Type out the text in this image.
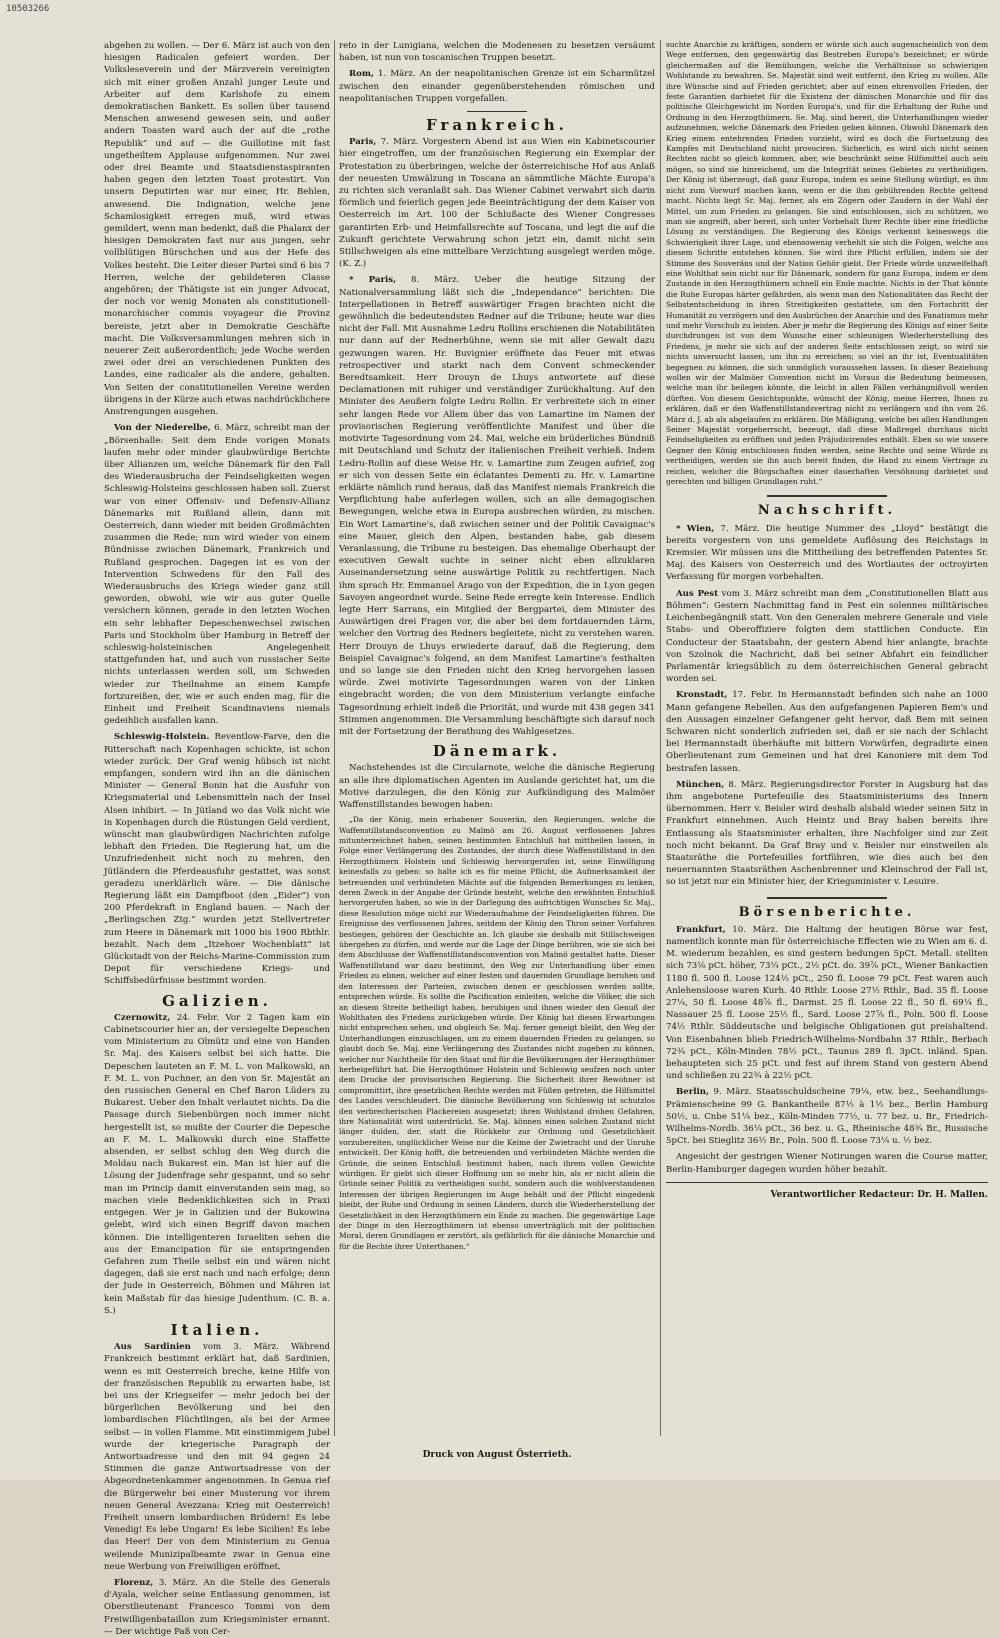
10503266

abgehen zu wollen. — Der 6. März ist auch von den hiesigen Radicalen gefeiert worden. Der Volksleseverein und der Märzverein vereinigten sich mit einer großen Anzahl junger Leute und Arbeiter auf dem Karlshofe zu einem demokratischen Bankett. Es sollen über tausend Menschen anwesend gewesen sein, und außer andern Toasten ward auch der auf die „rothe Republik“ und auf — die Guillotine mit fast ungetheiltem Applause aufgenommen. Nur zwei oder drei Beamte und Staatsdienstaspiranten haben gegen den letzten Toast protestirt. Von unsern Deputirten war nur einer, Hr. Behlen, anwesend. Die Indignation, welche jene Schamlosigkeit erregen muß, wird etwas gemildert, wenn man bedenkt, daß die Phalanx der hiesigen Demokraten fast nur aus jungen, sehr vollblütigen Bürschchen und aus der Hefe des Volkes besteht. Die Leiter dieser Partei sind 6 bis 7 Herren, welche der gebildeteren Classe angehören; der Thätigste ist ein junger Advocat, der noch vor wenig Monaten als constitutionell-monarchischer commis voyageur die Provinz bereiste, jetzt aber in Demokratie Geschäfte macht. Die Volksversammlungen mehren sich in neuerer Zeit außerordentlich; jede Woche werden zwei oder drei an verschiedenen Punkten des Landes, eine radicaler als die andere, gehalten. Von Seiten der constitutionellen Vereine werden übrigens in der Kürze auch etwas nachdrücklichere Anstrengungen ausgehen.

Von der Niederelbe, 6. März, schreibt man der „Börsenhalle: Seit dem Ende vorigen Monats laufen mehr oder minder glaubwürdige Berichte über Allianzen um, welche Dänemark für den Fall des Wiederausbruchs der Feindseligkeiten wegen Schleswig-Holsteins geschlossen haben soll. Zuerst war von einer Offensiv- und Defensiv-Allianz Dänemarks mit Rußland allein, dann mit Oesterreich, dann wieder mit beiden Großmächten zusammen die Rede; nun wird wieder von einem Bündnisse zwischen Dänemark, Frankreich und Rußland gesprochen. Dagegen ist es von der Intervention Schwedens für den Fall des Wiederausbruchs des Kriegs wieder ganz still geworden, obwohl, wie wir aus guter Quelle versichern können, gerade in den letzten Wochen ein sehr lebhafter Depeschenwechsel zwischen Paris und Stockholm über Hamburg in Betreff der schleswig-holsteinischen Angelegenheit stattgefunden hat, und auch von russischer Seite nichts unterlassen werden soll, um Schweden wieder zur Theilnahme an einem Kampfe fortzureißen, der, wie er auch enden mag, für die Einheit und Freiheit Scandinaviens niemals gedeihlich ausfallen kann.

Schleswig-Holstein. Reventlow-Farve, den die Ritterschaft nach Kopenhagen schickte, ist schon wieder zurück. Der Graf wenig hübsch ist nicht empfangen, sondern wird ihn an die dänischen Minister — General Bonin hat die Ausfuhr von Kriegsmaterial und Lebensmitteln nach der Insel Alsen inhibirt. — In Jütland wo das Volk nicht wie in Kopenhagen durch die Rüstungen Geld verdient, wünscht man glaubwürdigen Nachrichten zufolge lebhaft den Frieden. Die Regierung hat, um die Unzufriedenheit nicht noch zu mehren, den Jütländern die Pferdeausfuhr gestattet, was sonst geradezu unerklärlich wäre. — Die dänische Regierung läßt ein Dampfboot (den „Eider“) von 200 Pferdekraft in England bauen. — Nach der „Berlingschen Ztg.“ wurden jetzt Stellvertreter zum Heere in Dänemark mit 1000 bis 1900 Rbthlr. bezahlt. Nach dem „Itzehoer Wochenblatt“ ist Glückstadt von der Reichs-Marine-Commission zum Depot für verschiedene Kriegs- und Schiffsbedürfnisse bestimmt worden.

Galizien.

Czernowitz, 24. Febr. Vor 2 Tagen kam ein Cabinetscourier hier an, der versiegelte Depeschen vom Ministerium zu Olmütz und eine von Handen Sr. Maj. des Kaisers selbst bei sich hatte. Die Depeschen lauteten an F. M. L. von Malkowski, an F. M. L. von Puchner, an den von Sr. Majestät an den russischen General en Chef Baron Lüders zu Bukarest. Ueber den Inhalt verlautet nichts. Da die Passage durch Siebenbürgen noch immer nicht hergestellt ist, so mußte der Courier die Depesche an F. M. L. Malkowski durch eine Staffette absenden, er selbst schlug den Weg durch die Moldau nach Bukarest ein. Man ist hier auf die Lösung der Judenfrage sehr gespannt, und so sehr man im Princip damit einverstanden sein mag, so machen viele Bedenklichkeiten sich in Praxi entgegen. Wer je in Galizien und der Bukowina gelebt, wird sich einen Begriff davon machen können. Die intelligenteren Israeliten sehen die aus der Emancipation für sie entspringenden Gefahren zum Theile selbst ein und wären nicht dagegen, daß sie erst nach und nach erfolge; denn der Jude in Oesterreich, Böhmen und Mähren ist kein Maßstab für das hiesige Judenthum. (C. B. a. S.)

Italien.

Aus Sardinien vom 3. März. Während Frankreich bestimmt erklärt hat, daß Sardinien, wenn es mit Oesterreich breche, keine Hilfe von der französischen Republik zu erwarten habe, ist bei uns der Kriegseifer — mehr jedoch bei der bürgerlichen Bevölkerung und bei den lombardischen Flüchtlingen, als bei der Armee selbst — in vollen Flamme. Mit einstimmigem Jubel wurde der kriegerische Paragraph der Antwortsadresse und den mit 94 gegen 24 Stimmen die ganze Antwortsadresse von der Abgeordnetenkammer angenommen. In Genua rief die Bürgerwehr bei einer Musterung vor ihrem neuen General Avezzana: Krieg mit Oesterreich! Freiheit unsern lombardischen Brüdern! Es lebe Venedig! Es lebe Ungarn! Es lebe Sicilien! Es lebe das Heer! Der von dem Ministerium zu Genua weilende Munizipalbeamte zwar in Genua eine neue Werbung von Freiwilligen eröffnet.

Florenz, 3. März. An die Stelle des Generals d'Ayala, welcher seine Entlassung genommen, ist Oberstlieutenant Francesco Tommi von dem Freiwilligenbataillon zum Kriegsminister ernannt. — Der wichtige Paß von Cer-

reto in der Lunigiana, welchen die Modenesen zu besetzen versäumt haben, ist nun von toscanischen Truppen besetzt.

Rom, 1. März. An der neapolitanischen Grenze ist ein Scharmützel zwischen den einander gegenüberstehenden römischen und neapolitanischen Truppen vorgefallen.

Frankreich.

Paris, 7. März. Vorgestern Abend ist aus Wien ein Kabinetscourier hier eingetroffen, um der französischen Regierung ein Exemplar der Protestation zu überbringen, welche der österreichische Hof aus Anlaß der neuesten Umwälzung in Toscana an sämmtliche Mächte Europa's zu richten sich veranlaßt sah. Das Wiener Cabinet verwahrt sich darin förmlich und feierlich gegen jede Beeinträchtigung der dem Kaiser von Oesterreich im Art. 100 der Schlußacte des Wiener Congresses garantirten Erb- und Heimfallsrechte auf Toscana, und legt die auf die Zukunft gerichtete Verwahrung schon jetzt ein, damit nicht sein Stillschweigen als eine mittelbare Verzichtung ausgelegt werden möge. (K. Z.)

* Paris, 8. März. Ueber die heutige Sitzung der Nationalversammlung läßt sich die „Independance“ berichten: Die Interpellationen in Betreff auswärtiger Fragen brachten nicht die gewöhnlich die bedeutendsten Redner auf die Tribune; heute war dies nicht der Fall. Mit Ausnahme Ledru Rollins erschienen die Notabilitäten nur dann auf der Rednerbühne, wenn sie mit aller Gewalt dazu gezwungen waren. Hr. Buvignier eröffnete das Feuer mit etwas retrospectiver und starkt nach dem Convent schmeckender Beredtsamkeit. Herr Drouyn de Lhuys antwortete auf diese Declamationen mit ruhiger und verständiger Zurückhaltung. Auf den Minister des Aeußern folgte Ledru Rollin. Er verbreitete sich in einer sehr langen Rede vor Allem über das von Lamartine im Namen der provisorischen Regierung veröffentlichte Manifest und über die motivirte Tagesordnung vom 24. Mai, welche ein brüderliches Bündniß mit Deutschland und Schutz der italienischen Freiheit verhieß. Indem Ledru-Rollin auf diese Weise Hr. v. Lamartine zum Zeugen aufrief, zog er sich von dessen Seite ein éclatantes Dementi zu. Hr. v. Lamartine erklärte nämlich rund heraus, daß das Manifest niemals Frankreich die Verpflichtung habe auferlegen wollen, sich an alle demagogischen Bewegungen, welche etwa in Europa ausbrechen würden, zu mischen. Ein Wort Lamartine's, daß zwischen seiner und der Politik Cavaignac's eine Mauer, gleich den Alpen, bestanden habe, gab diesem Veranlassung, die Tribune zu besteigen. Das ehemalige Oberhaupt der executiven Gewalt suchte in seiner nicht eben allzuklaren Auseinandersetzung seine auswärtige Politik zu rechtfertigen. Nach ihm sprach Hr. Emmanuel Arago von der Expedition, die in Lyon gegen Savoyen angeordnet wurde. Seine Rede erregte kein Interesse. Endlich legte Herr Sarrans, ein Mitglied der Bergpartei, dem Minister des Auswärtigen drei Fragen vor, die aber bei dem fortdauernden Lärm, welcher den Vortrag des Redners begleitete, nicht zu verstehen waren. Herr Drouyn de Lhuys erwiederte darauf, daß die Regierung, dem Beispiel Cavaignac's folgend, an dem Manifest Lamartine's festhalten und so lange sie den Frieden nicht den Krieg hervorgehen lassen würde. Zwei motivirte Tagesordnungen waren von der Linken eingebracht worden; die von dem Ministerium verlangte einfache Tagesordnung erhielt indeß die Priorität, und wurde mit 438 gegen 341 Stimmen angenommen. Die Versammlung beschäftigte sich darauf noch mit der Fortsetzung der Berathung des Wahlgesetzes.

Dänemark.

Nachstehendes ist die Circularnote, welche die dänische Regierung an alle ihre diplomatischen Agenten im Auslande gerichtet hat, um die Motive darzulegen, die den König zur Aufkündigung des Malmöer Waffenstillstandes bewogen haben:

„Da der König, mein erhabener Souverän, den Regierungen, welche die Waffenstillstandsconvention zu Malmö am 26. August verflossenen Jahres mitunterzeichnet haben, seinen bestimmten Entschluß hat mittheilen lassen, in Folge einer Verlängerung des Zustandes, der durch diese Waffenstillstand in den Herzogthümern Holstein und Schleswig hervorgerufen ist, seine Einwilligung keinesfalls zu geben: so halte ich es für meine Pflicht, die Aufmerksamkeit der betreuenden und verbündeten Mächte auf die folgenden Bemerkungen zu lenken, deren Zweck in der Angabe der Gründe besteht, welche den erwähnten Entschluß hervorgerufen haben, so wie in der Darlegung des aufrichtigen Wunsches Sr. Maj., diese Resolution möge nicht zur Wiederaufnahme der Feindseligkeiten führen. Die Ereignisse des verflossenen Jahres, seitdem der König den Thron seiner Vorfahren bestiegen, gehören der Geschichte an. Ich glaube sie deshalb mit Stillschweigen übergehen zu dürfen, und werde nur die Lage der Dinge berühren, wie sie sich bei dem Abschlusse der Waffenstillstandsconvention von Malmö gestaltet hatte. Dieser Waffenstillstand war dazu bestimmt, den Weg zur Unterhandlung über einen Frieden zu ebnen, welcher auf einer festen und dauernden Grundlage beruhen und den Interessen der Parteien, zwischen denen er geschlossen werden sollte, entsprechen würde. Es sollte die Pacification einleiten, welche die Völker, die sich an diesem Streite betheiligt haben, beruhigen und ihnen wieder den Genuß der Wohlthaten des Friedens zurückgeben würde. Der König hat diesen Erwartungen nicht entsprechen sehen, und obgleich Se. Maj. ferner geneigt bleibt, den Weg der Unterhandlungen einzuschlagen, um zu einem dauernden Frieden zu gelangen, so glaubt doch Se. Maj. eine Verlängerung des Zustandes nicht zugeben zu können, welcher nur Nachtheile für den Staat und für die Bevölkerungen der Herzogthümer herbeigeführt hat. Die Herzogthümer Holstein und Schleswig seufzen noch unter dem Drucke der provisorischen Regierung. Die Sicherheit ihrer Bewohner ist compromittirt, ihre gesetzlichen Rechte werden mit Füßen getreten, die Hilfsmittel des Landes verschleudert. Die dänische Bevölkerung von Schleswig ist schutzlos den verbrecherischen Plackereien ausgesetzt; ihren Wohlstand drohen Gefahren, ihre Nationalität wird unterdrückt. Se. Maj. können einen solchen Zustand nicht länger dulden, der, statt die Rückkehr zur Ordnung und Gesetzlichkeit vorzubereiten, unglücklicher Weise nur die Keime der Zwietracht und der Unruhe entwickelt. Der König hofft, die betreuenden und verbündeten Mächte werden die Gründe, die seinen Entschluß bestimmt haben, nach ihrem vollen Gewichte würdigen. Er giebt sich dieser Hoffnung um so mehr hin, als er nicht allein die Gründe seiner Politik zu vertheidigen sucht, sondern auch die wohlverstandenen Interessen der übrigen Regierungen im Auge behält und der Pflicht eingedenk bleibt, der Ruhe und Ordnung in seinen Ländern, durch die Wiederherstellung der Gesetzlichkeit in den Herzogthümern ein Ende zu machen. Die gegenwärtige Lage der Dinge in den Herzogthümern ist ebenso unverträglich mit der politischen Moral, deren Grundlagen er zerstört, als gefährlich für die dänische Monarchie und für die Rechte ihrer Unterthanen.“

suchte Anarchie zu kräftigen, sondern er würde sich auch augenscheinlich von dem Wege entfernen, den gegenwärtig das Bestreben Europa's bezeichnet; er würde gleichermaßen auf die Bemühungen, welche die Verhältnisse so schwierigen Wohlstande zu bewahren. Se. Majestät sind weit entfernt, den Krieg zu wollen. Alle ihre Wünsche sind auf Frieden gerichtet; aber auf einen ehrenvollen Frieden, der feste Garantien darbietet für die Existenz der dänischen Monarchie und für das politische Gleichgewicht im Norden Europa's, und für die Erhaltung der Ruhe und Ordnung in den Herzogthümern. Se. Maj. sind bereit, die Unterhandlungen wieder aufzunehmen, welche Dänemark den Frieden geben können. Obwohl Dänemark den Krieg einem entehrenden Frieden vorzieht, wird es doch die Fortsetzung des Kampfes mit Deutschland nicht provociren. Sicherlich, es wird sich nicht seinen Rechten nicht so gleich kommen, aber, wie beschränkt seine Hilfsmittel auch sein mögen, so sind sie hinreichend, um die Integrität seines Gebietes zu vertheidigen. Der König ist überzeugt, daß ganz Europa, indem es seine Stellung würdigt, es ihm nicht zum Vorwurf machen kann, wenn er die ihm gebührenden Rechte geltend macht. Nichts liegt Sr. Maj. ferner, als ein Zögern oder Zaudern in der Wahl der Mittel, um zum Frieden zu gelangen. Sie sind entschlossen, sich zu schützen, wo man sie angreift, aber bereit, sich unter Vorbehalt Ihrer Rechte über eine friedliche Lösung zu verständigen. Die Regierung des Königs verkennt keineswegs die Schwierigkeit ihrer Lage, und ebensowenig verhehlt sie sich die Folgen, welche aus diesem Schritte entstehen können. Sie wird ihre Pflicht erfüllen, indem sie der Stimme des Souveräns und der Nation Gehör giebt. Der Friede würde unzweifelhaft eine Wohlthat sein nicht nur für Dänemark, sondern für ganz Europa, indem er dem Zustande in den Herzogthümern schnell ein Ende machte. Nichts in der That könnte die Ruhe Europas härter gefährden, als wenn man den Nationalitäten das Recht der Selbstentscheidung in ihren Streitigkeiten gestattete, um den Fortschritt der Humanität zu verzögern und den Ausbrüchen der Anarchie und des Fanatismus mehr und mehr Vorschub zu leisten. Aber je mehr die Regierung des Königs auf einer Seite durchdrungen ist von dem Wunsche einer schleunigen Wiederherstellung des Friedens, je mehr sie sich auf der anderen Seite entschlossen zeigt, so wird sie nichts unversucht lassen, um ihn zu erreichen; so viel an ihr ist, Eventualitäten begegnen zu können, die sich unmöglich voraussehen lassen. In dieser Beziehung wollen wir der Malmöer Convention nicht im Voraus die Bedeutung beimessen, welche man ihr beilegen könnte, die leicht in allen Fällen verhängnißvoll werden dürften. Von diesem Gesichtspunkte, wünscht der König, meine Herren, Ihnen zu erklären, daß er den Waffenstillstandsvertrag nicht zu verlängern und ihn vom 26. März d. J. ab als abgelaufen zu erklären. Die Mäßigung, welche bei allen Handlungen Seiner Majestät vorgeherrscht, bezeugt, daß diese Maßregel durchaus nicht Feindseligkeiten zu eröffnen und jeden Präjudicirendes enthält. Eben so wie unsere Gegner den König entschlossen finden werden, seine Rechte und seine Würde zu vertheidigen, werden sie ihn auch bereit finden, die Hand zu einem Vertrage zu reichen, welcher die Bürgschaften einer dauerhaften Versöhnung darbietet und gerechten und billigen Grundlagen ruht.“

Nachschrift.

* Wien, 7. März. Die heutige Nummer des „Lloyd“ bestätigt die bereits vorgestern von uns gemeldete Auflösung des Reichstags in Kremsier. Wir müssen uns die Mittheilung des betreffenden Patentes Sr. Maj. des Kaisers von Oesterreich und des Wortlautes der octroyirten Verfassung für morgen vorbehalten.

Aus Pest vom 3. März schreibt man dem „Constitutionellen Blatt aus Böhmen“: Gestern Nachmittag fand in Pest ein solennes militärisches Leichenbegängniß statt. Von den Generalen mehrere Generale und viele Stabs- und Oberoffiziere folgten dem stattlichen Conducte. Ein Conducteur der Staatsbahn, der gestern Abend hier anlangte, brachte von Szolnok die Nachricht, daß bei seiner Abfahrt ein feindlicher Parlamentär kriegsüblich zu dem österreichischen General gebracht worden sei.

Kronstadt, 17. Febr. In Hermannstadt befinden sich nahe an 1000 Mann gefangene Rebellen. Aus den aufgefangenen Papieren Bem's und den Aussagen einzelner Gefangener geht hervor, daß Bem mit seinen Schwaren nicht sonderlich zufrieden sei, daß er sie nach der Schlacht bei Hermannstadt überhäufte mit bittern Vorwürfen, degradirte einen Oberlieutenant zum Gemeinen und hat drei Kanoniere mit dem Tod bestrafen lassen.

München, 8. März. Regierungsdirector Forster in Augsburg hat das ihm angebotene Portefeuille des Staatsministeriums des Innern übernommen. Herr v. Beisler wird deshalb alsbald wieder seinen Sitz in Frankfurt einnehmen. Auch Heintz und Bray haben bereits ihre Entlassung als Staatsminister erhalten, ihre Nachfolger sind zur Zeit noch nicht bekannt. Da Graf Bray und v. Beisler nur einstweilen als Staatsräthe die Portefeuilles fortführen, wie dies auch bei den neuernannten Staatsräthen Aschenbrenner und Kleinschrod der Fall ist, so ist jetzt nur ein Minister hier, der Kriegsminister v. Lesuire.

Börsenberichte.

Frankfurt, 10. März. Die Haltung der heutigen Börse war fest, namentlich konnte man für österreichische Effecten wie zu Wien am 6. d. M. wiederum bezahlen, es sind gestern bedungen 5pCt. Metall. stellten sich 73⅛ pCt. höher, 73¼ pCt., 2½ pCt. do. 39⅞ pCt., Wiener Bankactien 1180 fl. 500 fl. Loose 124½ pCt., 250 fl. Loose 79 pCt. Fest waren auch Anlehensloose waren Kurh. 40 Rthlr. Loose 27½ Rthlr., Bad. 35 fl. Loose 27¼, 50 fl. Loose 48⅞ fl., Darmst. 25 fl. Loose 22 fl., 50 fl. 69¼ fl., Nassauer 25 fl. Loose 25½ fl., Sard. Loose 27⅞ fl., Poln. 500 fl. Loose 74½ Rthlr. Süddeutsche und belgische Obligationen gut preishaltend. Von Eisenbahnen blieb Friedrich-Wilhelms-Nordbahn 37 Rthlr., Berbach 72¾ pCt., Köln-Minden 78½ pCt., Taunus 289 fl. 3pCt. inländ. Span. behaupteten sich 25 pCt. und fest auf ihrem Stand von gestern Abend und schließen zu 22¾ à 22½ pCt.

Berlin, 9. März. Staatsschuldscheine 79¼, etw. bez., Seehandlungs-Prämienscheine 99 G. Bankantheile 87½ à 1½ bez., Berlin Hamburg 50½, u. Cnbe 51¼ bez., Köln-Minden 77½, u. 77 bez. u. Br., Friedrich-Wilhelms-Nordb. 36¼ pCt., 36 bez. u. G., Rheinische 48¾ Br., Russische 5pCt. bei Stieglitz 36½ Br., Poln. 500 fl. Loose 73¼ u. ½ bez.

Angesicht der gestrigen Wiener Notirungen waren die Course matter, Berlin-Hamburger dagegen wurden höher bezahlt.

Verantwortlicher Redacteur: Dr. H. Mallen.
Druck von August Österrieth.
